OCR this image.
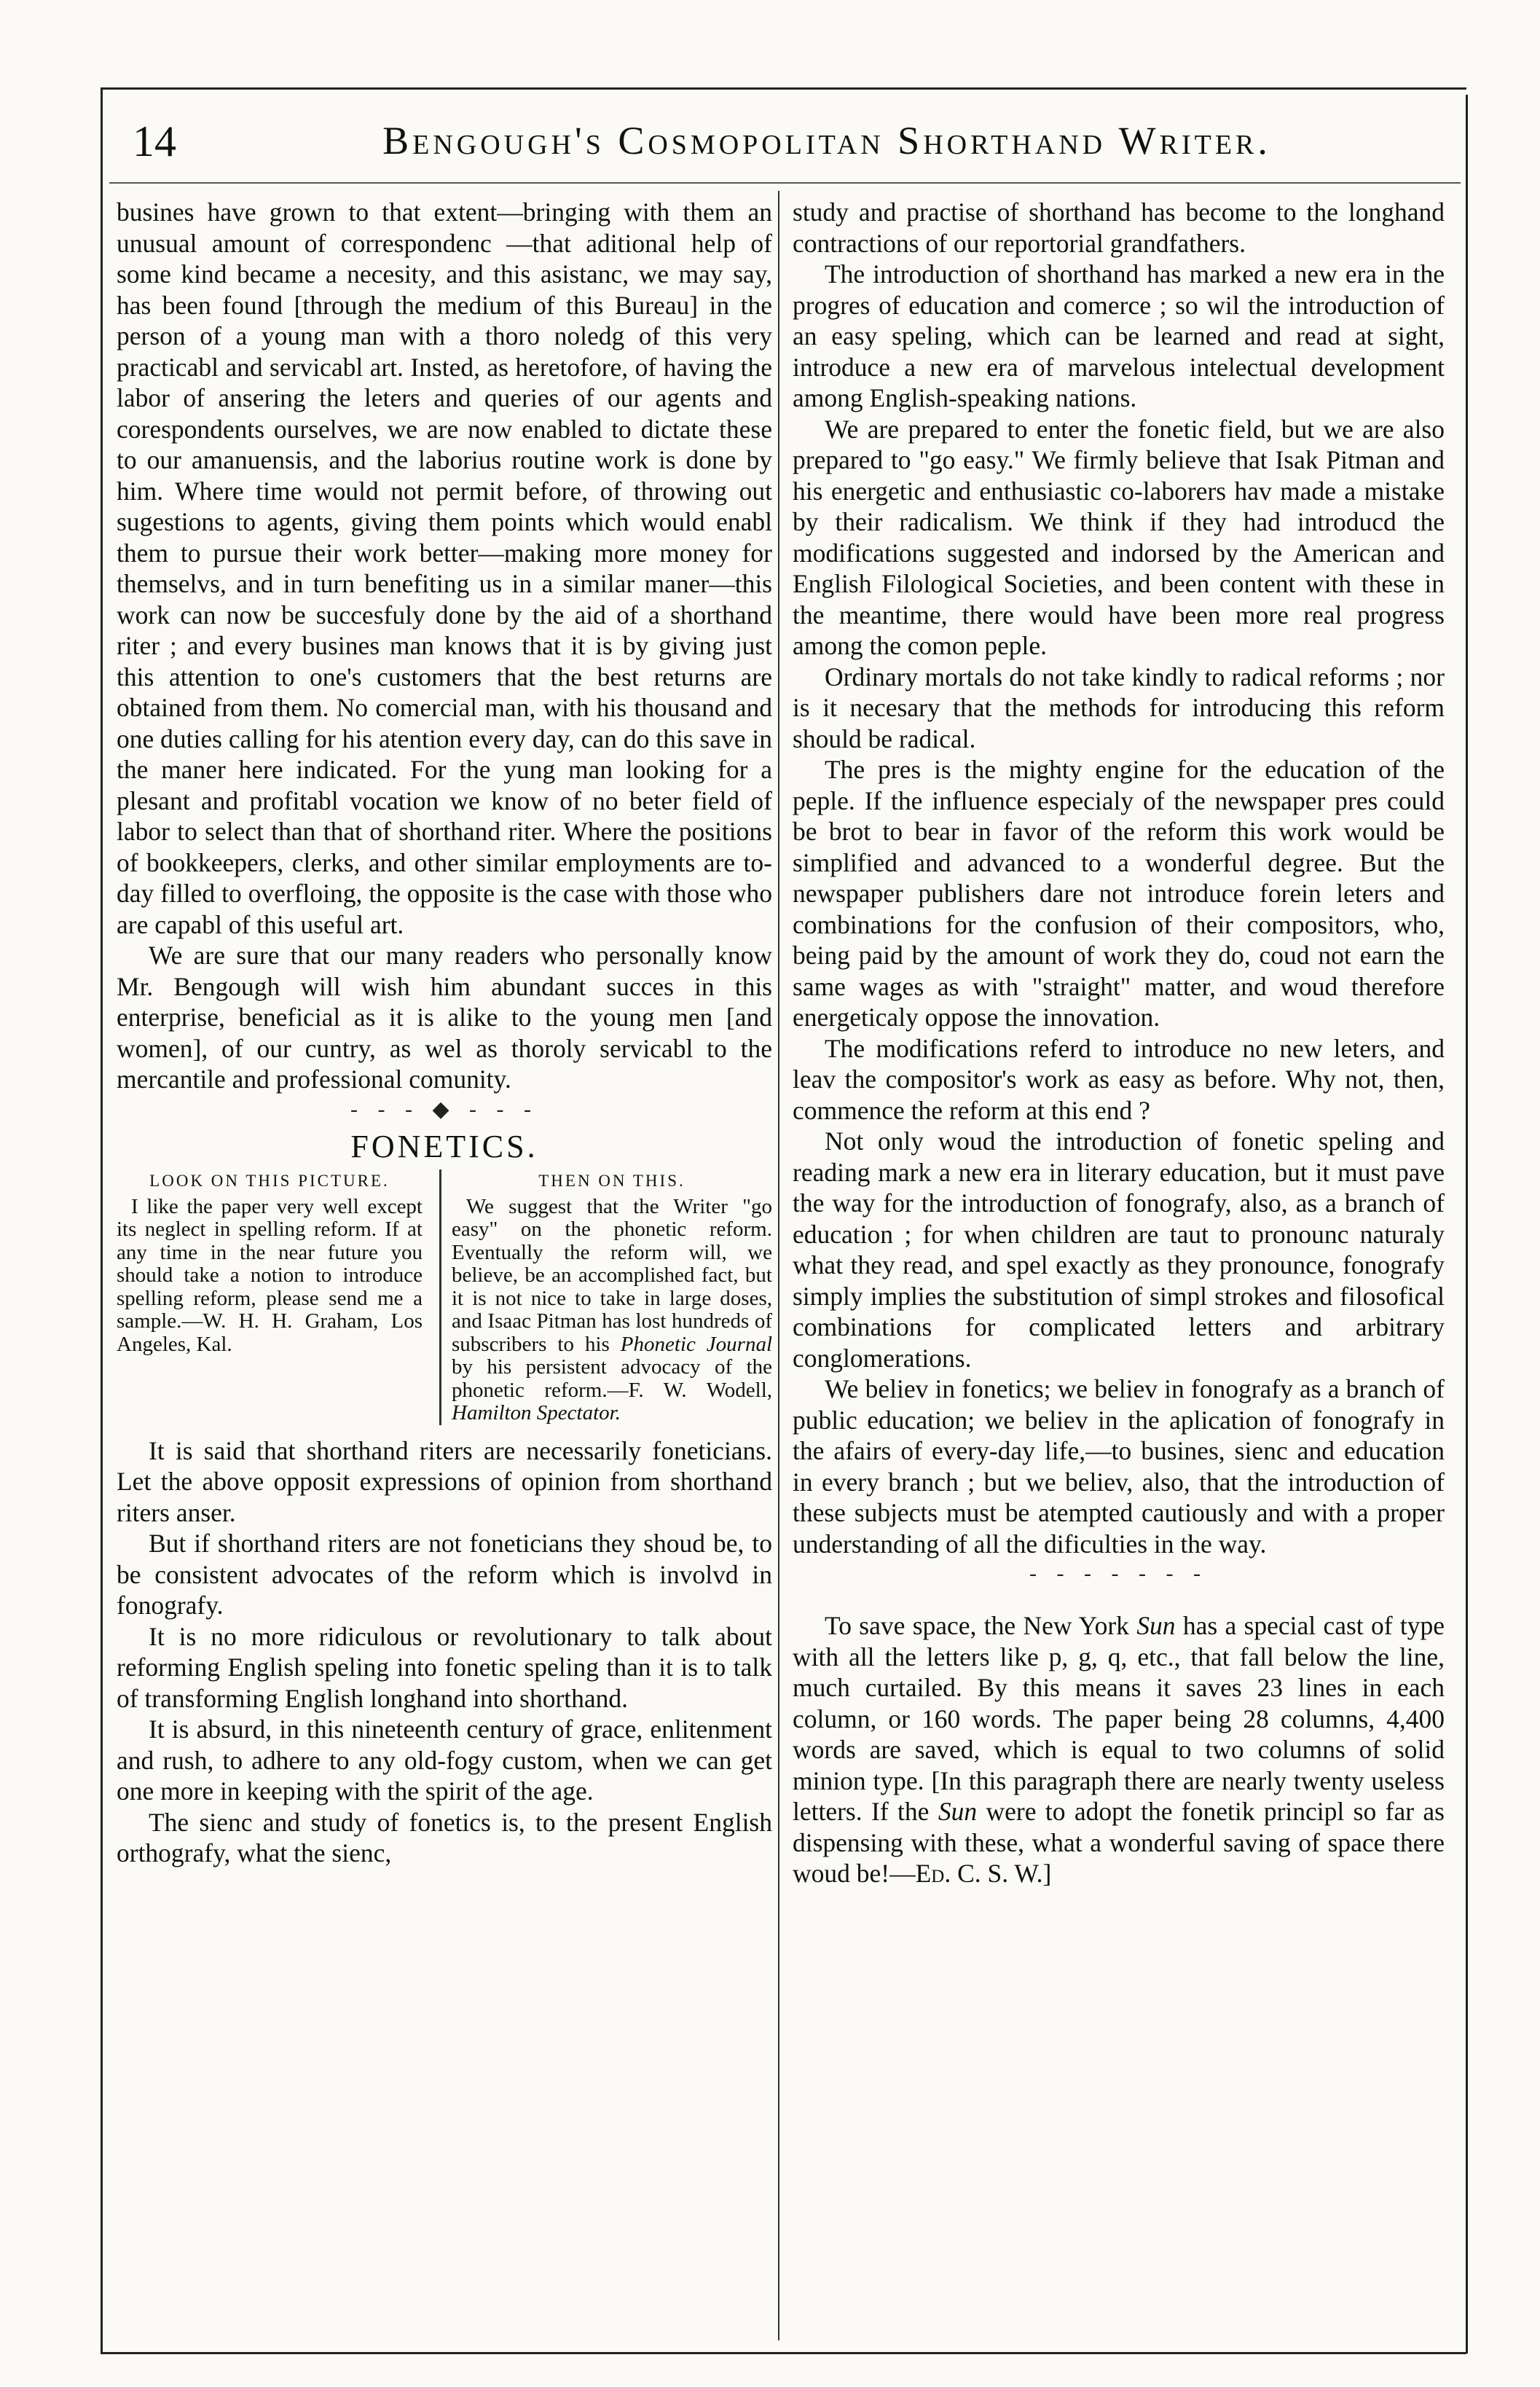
14	Bengough's Cosmopolitan Shorthand Writer.

busines have grown to that extent—bringing with them an unusual amount of correspondenc —that aditional help of some kind became a necesity, and this asistanc, we may say, has been found [through the medium of this Bureau] in the person of a young man with a thoro noledg of this very practicabl and servicabl art. Insted, as heretofore, of having the labor of ansering the leters and queries of our agents and corespondents ourselves, we are now enabled to dictate these to our amanuensis, and the laborius routine work is done by him. Where time would not permit before, of throwing out sugestions to agents, giving them points which would enabl them to pursue their work better—making more money for themselvs, and in turn benefiting us in a similar maner—this work can now be succesfuly done by the aid of a shorthand riter ; and every busines man knows that it is by giving just this attention to one's customers that the best returns are obtained from them. No comercial man, with his thousand and one duties calling for his atention every day, can do this save in the maner here indicated. For the yung man looking for a plesant and profitabl vocation we know of no beter field of labor to select than that of shorthand riter. Where the positions of bookkeepers, clerks, and other similar employments are to-day filled to overfloing, the opposite is the case with those who are capabl of this useful art.

We are sure that our many readers who personally know Mr. Bengough will wish him abundant succes in this enterprise, beneficial as it is alike to the young men [and women], of our cuntry, as wel as thoroly servicabl to the mercantile and professional comunity.

- - - ◆ - - -
FONETICS.
LOOK ON THIS PICTURE.

I like the paper very well except its neglect in spelling reform. If at any time in the near future you should take a notion to introduce spelling reform, please send me a sample.—W. H. H. Graham, Los Angeles, Kal.

THEN ON THIS.

We suggest that the Writer "go easy" on the phonetic reform. Eventually the reform will, we believe, be an accomplished fact, but it is not nice to take in large doses, and Isaac Pitman has lost hundreds of subscribers to his Phonetic Journal by his persistent advocacy of the phonetic reform.—F. W. Wodell, Hamilton Spectator.

It is said that shorthand riters are necessarily foneticians. Let the above opposit expressions of opinion from shorthand riters anser.

But if shorthand riters are not foneticians they shoud be, to be consistent advocates of the reform which is involvd in fonografy.

It is no more ridiculous or revolutionary to talk about reforming English speling into fonetic speling than it is to talk of transforming English longhand into shorthand.

It is absurd, in this nineteenth century of grace, enlitenment and rush, to adhere to any old-fogy custom, when we can get one more in keeping with the spirit of the age.

The sienc and study of fonetics is, to the present English orthografy, what the sienc,

study and practise of shorthand has become to the longhand contractions of our reportorial grandfathers.

The introduction of shorthand has marked a new era in the progres of education and comerce ; so wil the introduction of an easy speling, which can be learned and read at sight, introduce a new era of marvelous intelectual development among English-speaking nations.

We are prepared to enter the fonetic field, but we are also prepared to "go easy." We firmly believe that Isak Pitman and his energetic and enthusiastic co-laborers hav made a mistake by their radicalism. We think if they had introducd the modifications suggested and indorsed by the American and English Filological Societies, and been content with these in the meantime, there would have been more real progress among the comon peple.

Ordinary mortals do not take kindly to radical reforms ; nor is it necesary that the methods for introducing this reform should be radical.

The pres is the mighty engine for the education of the peple. If the influence especialy of the newspaper pres could be brot to bear in favor of the reform this work would be simplified and advanced to a wonderful degree. But the newspaper publishers dare not introduce forein leters and combinations for the confusion of their compositors, who, being paid by the amount of work they do, coud not earn the same wages as with "straight" matter, and woud therefore energeticaly oppose the innovation.

The modifications referd to introduce no new leters, and leav the compositor's work as easy as before. Why not, then, commence the reform at this end ?

Not only woud the introduction of fonetic speling and reading mark a new era in literary education, but it must pave the way for the introduction of fonografy, also, as a branch of education ; for when children are taut to pronounc naturaly what they read, and spel exactly as they pronounce, fonografy simply implies the substitution of simpl strokes and filosofical combinations for complicated letters and arbitrary conglomerations.

We believ in fonetics; we believ in fonografy as a branch of public education; we believ in the aplication of fonografy in the afairs of every-day life,—to busines, sienc and education in every branch ; but we believ, also, that the introduction of these subjects must be atempted cautiously and with a proper understanding of all the dificulties in the way.

- - - - - - -

To save space, the New York Sun has a special cast of type with all the letters like p, g, q, etc., that fall below the line, much curtailed. By this means it saves 23 lines in each column, or 160 words. The paper being 28 columns, 4,400 words are saved, which is equal to two columns of solid minion type. [In this paragraph there are nearly twenty useless letters. If the Sun were to adopt the fonetik principl so far as dispensing with these, what a wonderful saving of space there woud be!—Ed. C. S. W.]
